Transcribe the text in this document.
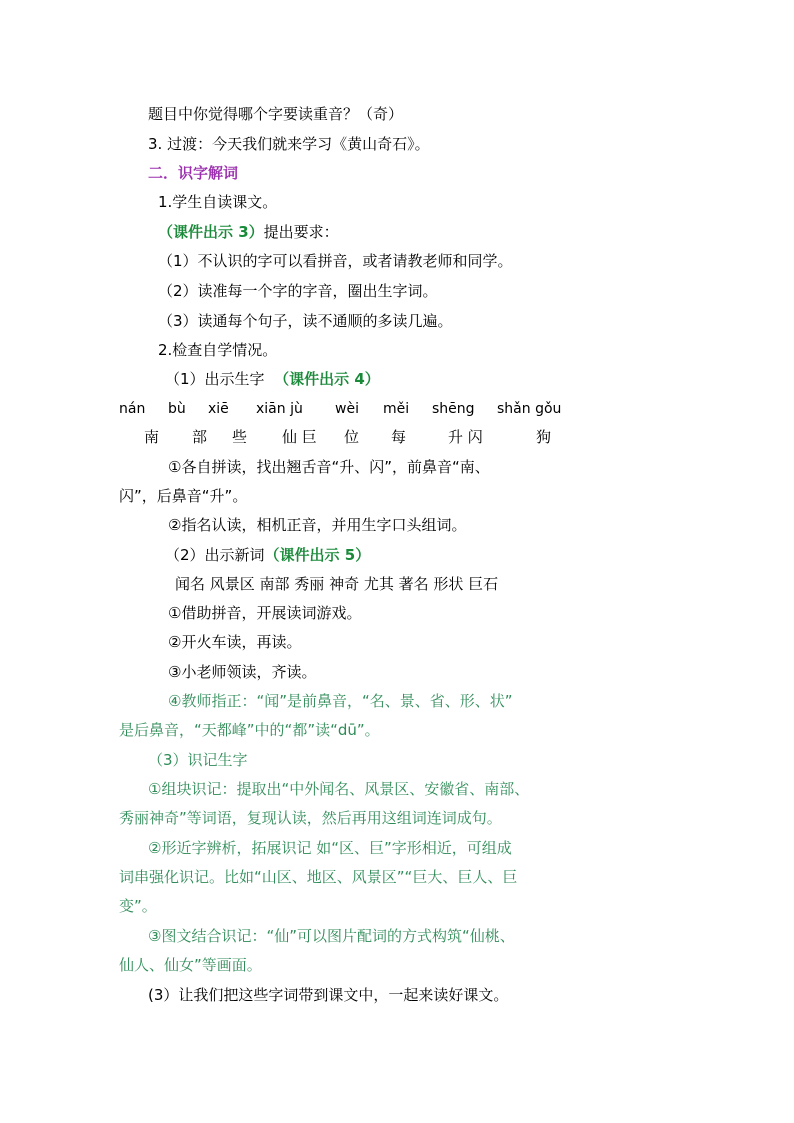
题目中你觉得哪个字要读重音？（奇）
3. 过渡：今天我们就来学习《黄山奇石》。
二．识字解词
1.学生自读课文。
（课件出示 3）提出要求：
（1）不认识的字可以看拼音，或者请教老师和同学。
（2）读准每一个字的字音，圈出生字词。
（3）读通每个句子，读不通顺的多读几遍。
2.检查自学情况。
（1）出示生字 （课件出示 4）
nán bù xiē xiān jù wèi měi shēng shǎn gǒu
南 部 些 仙 巨 位 每	升 闪	狗
①各自拼读，找出翘舌音“升、闪”，前鼻音“南、
闪”，后鼻音“升”。
②指名认读，相机正音，并用生字口头组词。
（2）出示新词（课件出示 5）
闻名 风景区 南部 秀丽 神奇 尤其 著名 形状 巨石
①借助拼音，开展读词游戏。
②开火车读，再读。
③小老师领读，齐读。
④教师指正：“闻”是前鼻音，“名、景、省、形、状”
是后鼻音，“天都峰”中的“都”读“dū”。
（3）识记生字
①组块识记：提取出“中外闻名、风景区、安徽省、南部、
秀丽神奇”等词语，复现认读，然后再用这组词连词成句。
②形近字辨析，拓展识记 如“区、巨”字形相近，可组成
词串强化识记。比如“山区、地区、风景区”“巨大、巨人、巨
变”。
③图文结合识记：“仙”可以图片配词的方式构筑“仙桃、
仙人、仙女”等画面。
(3）让我们把这些字词带到课文中，一起来读好课文。
